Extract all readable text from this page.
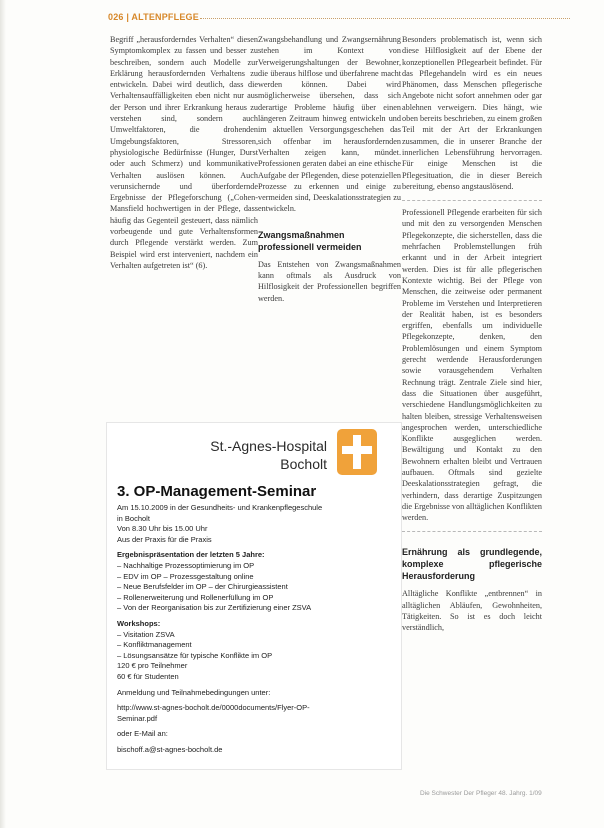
026 | ALTENPFLEGE

Begriff „herausforderndes Verhalten“ diesen Symptomkomplex zu fassen und besser zu beschreiben, sondern auch Modelle zur Erklärung herausfordernden Verhaltens zu entwickeln. Dabei wird deutlich, dass die Verhaltensauffälligkeiten eben nicht nur aus der Person und ihrer Erkrankung heraus zu verstehen sind, sondern auch Umweltfaktoren, die drohenden Umgebungsfaktoren, Stressoren, physiologische Bedürfnisse (Hunger, Durst oder auch Schmerz) und kommunikative Verhalten auslösen können. Auch verunsichernde und überfordernde Ergebnisse der Pflegeforschung („Cohen-Mansfield hochwertigen in der Pflege, dass häufig das Gegenteil gesteuert, dass nämlich vorbeugende und gute Verhaltensformen durch Pflegende verstärkt werden. Zum Beispiel wird erst interveniert, nachdem ein Verhalten aufgetreten ist“ (6).

Zwangsbehandlung und Zwangsernährung stehen im Kontext von Verweigerungshaltungen der Bewohner, die überaus hilflose und überfahrene macht werden können. Dabei wird möglicherweise übersehen, dass sich derartige Probleme häufig über einen längeren Zeitraum hinweg entwickeln und im aktuellen Versorgungsgeschehen das sich offenbar im herausfordernden Verhalten zeigen kann, mündet. Professionen geraten dabei an eine ethische Aufgabe der Pflegenden, diese potenziellen Prozesse zu erkennen und einige zu vermeiden sind, Deeskalationsstrategien zu entwickeln.

Zwangsmaßnahmen professionell vermeiden

Das Entstehen von Zwangsmaßnahmen kann oftmals als Ausdruck von Hilflosigkeit der Professionellen begriffen werden.

Besonders problematisch ist, wenn sich diese Hilflosigkeit auf der Ebene der konzeptionellen Pflegearbeit befindet. Für das Pflegehandeln wird es ein neues Phänomen, dass Menschen pflegerische Angebote nicht sofort annehmen oder gar ablehnen verweigern. Dies hängt, wie oben bereits beschrieben, zu einem großen Teil mit der Art der Erkrankungen zusammen, die in unserer Branche der innerlichen Lebensführung hervorragen. Für einige Menschen ist die Pflegesituation, die in dieser Bereich bereitung, ebenso angstauslösend.

Professionell Pflegende erarbeiten für sich und mit den zu versorgenden Menschen Pflegekonzepte, die sicherstellen, dass die mehrfachen Problemstellungen früh erkannt und in der Arbeit integriert werden. Dies ist für alle pflegerischen Kontexte wichtig. Bei der Pflege von Menschen, die zeitweise oder permanent Probleme im Verstehen und Interpretieren der Realität haben, ist es besonders ergriffen, ebenfalls um individuelle Pflegekonzepte, denken, den Problemlösungen und einem Symptom gerecht werdende Herausforderungen sowie vorausgehendem Verhalten Rechnung trägt. Zentrale Ziele sind hier, dass die Situationen über ausgeführt, verschiedene Handlungsmöglichkeiten zu halten bleiben, stressige Verhaltensweisen angesprochen werden, unterschiedliche Konflikte ausgeglichen werden. Bewältigung und Kontakt zu den Bewohnern erhalten bleibt und Vertrauen aufbauen. Oftmals sind gezielte Deeskalationsstrategien gefragt, die verhindern, dass derartige Zuspitzungen die Ergebnisse von alltäglichen Konflikten werden.

Ernährung als grundlegende, komplexe pflegerische Herausforderung

Alltägliche Konflikte „entbrennen“ in alltäglichen Abläufen, Gewohnheiten, Tätigkeiten. So ist es doch leicht verständlich,

St.-Agnes-Hospital
Bocholt
3. OP-Management-Seminar
Am 15.10.2009 in der Gesundheits- und Krankenpflegeschule
in Bocholt
Von 8.30 Uhr bis 15.00 Uhr
Aus der Praxis für die Praxis
Ergebnispräsentation der letzten 5 Jahre:
– Nachhaltige Prozessoptimierung im OP
– EDV im OP – Prozessgestaltung online
– Neue Berufsfelder im OP – der Chirurgieassistent
– Rollenerweiterung und Rollenerfüllung im OP
– Von der Reorganisation bis zur Zertifizierung einer ZSVA
Workshops:
– Visitation ZSVA
– Konfliktmanagement
– Lösungsansätze für typische Konflikte im OP
120 € pro Teilnehmer
60 € für Studenten
Anmeldung und Teilnahmebedingungen unter:
http://www.st-agnes-bocholt.de/0000documents/Flyer-OP-
Seminar.pdf
oder E-Mail an:
bischoff.a@st-agnes-bocholt.de
Die Schwester Der Pfleger 48. Jahrg. 1/09
